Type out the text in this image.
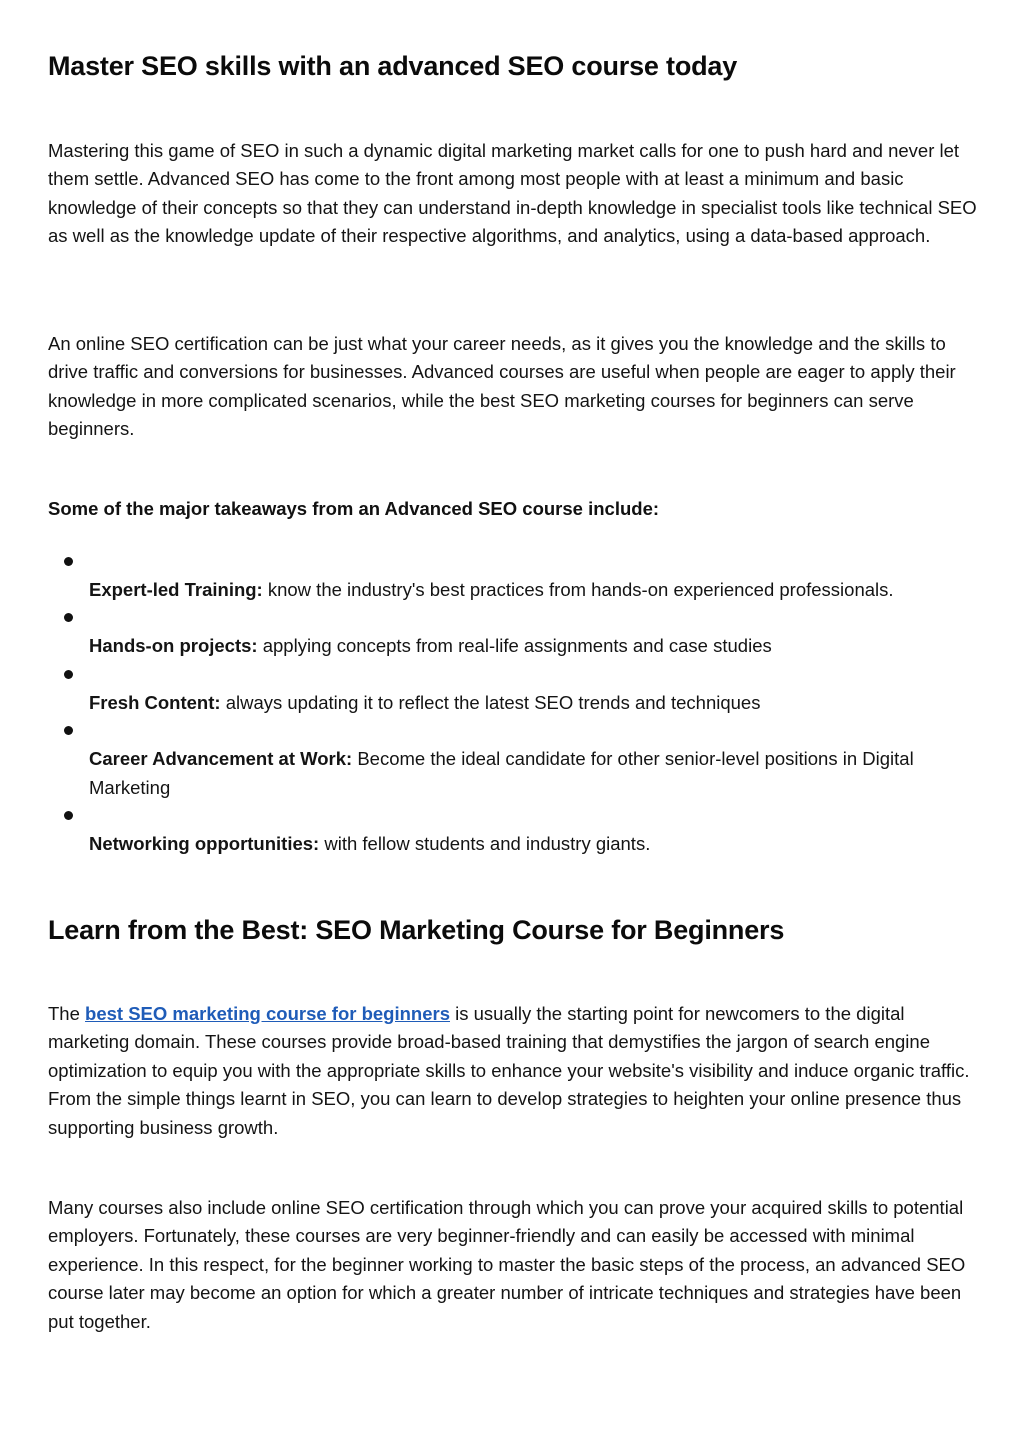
Master SEO skills with an advanced SEO course today

Mastering this game of SEO in such a dynamic digital marketing market calls for one to push hard and never let them settle. Advanced SEO has come to the front among most people with at least a minimum and basic knowledge of their concepts so that they can understand in-depth knowledge in specialist tools like technical SEO as well as the knowledge update of their respective algorithms, and analytics, using a data-based approach.

An online SEO certification can be just what your career needs, as it gives you the knowledge and the skills to drive traffic and conversions for businesses. Advanced courses are useful when people are eager to apply their knowledge in more complicated scenarios, while the best SEO marketing courses for beginners can serve beginners.

Some of the major takeaways from an Advanced SEO course include:
Expert-led Training: know the industry's best practices from hands-on experienced professionals.
Hands-on projects: applying concepts from real-life assignments and case studies
Fresh Content: always updating it to reflect the latest SEO trends and techniques
Career Advancement at Work: Become the ideal candidate for other senior-level positions in Digital Marketing
Networking opportunities: with fellow students and industry giants.
Learn from the Best: SEO Marketing Course for Beginners

The best SEO marketing course for beginners is usually the starting point for newcomers to the digital marketing domain. These courses provide broad-based training that demystifies the jargon of search engine optimization to equip you with the appropriate skills to enhance your website's visibility and induce organic traffic. From the simple things learnt in SEO, you can learn to develop strategies to heighten your online presence thus supporting business growth.

Many courses also include online SEO certification through which you can prove your acquired skills to potential employers. Fortunately, these courses are very beginner-friendly and can easily be accessed with minimal experience. In this respect, for the beginner working to master the basic steps of the process, an advanced SEO course later may become an option for which a greater number of intricate techniques and strategies have been put together.
